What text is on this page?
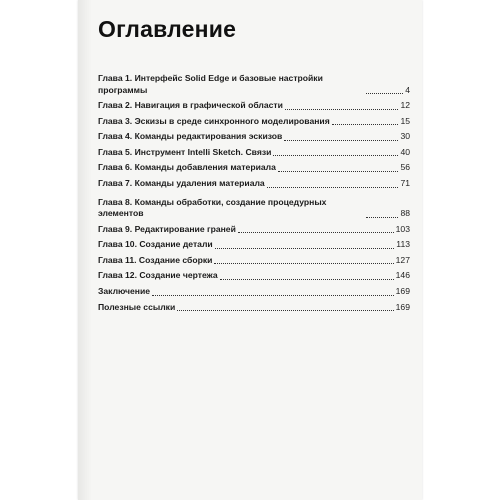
Оглавление
Глава 1. Интерфейс Solid Edge и базовые настройки программы	4
Глава 2. Навигация в графической области	12
Глава 3. Эскизы в среде синхронного моделирования	15
Глава 4. Команды редактирования эскизов	30
Глава 5. Инструмент Intelli Sketch. Связи	40
Глава 6. Команды добавления материала	56
Глава 7. Команды удаления материала	71
Глава 8. Команды обработки, создание процедурных элементов	88
Глава 9. Редактирование граней	103
Глава 10. Создание детали	113
Глава 11. Создание сборки	127
Глава 12. Создание чертежа	146
Заключение	169
Полезные ссылки	169
